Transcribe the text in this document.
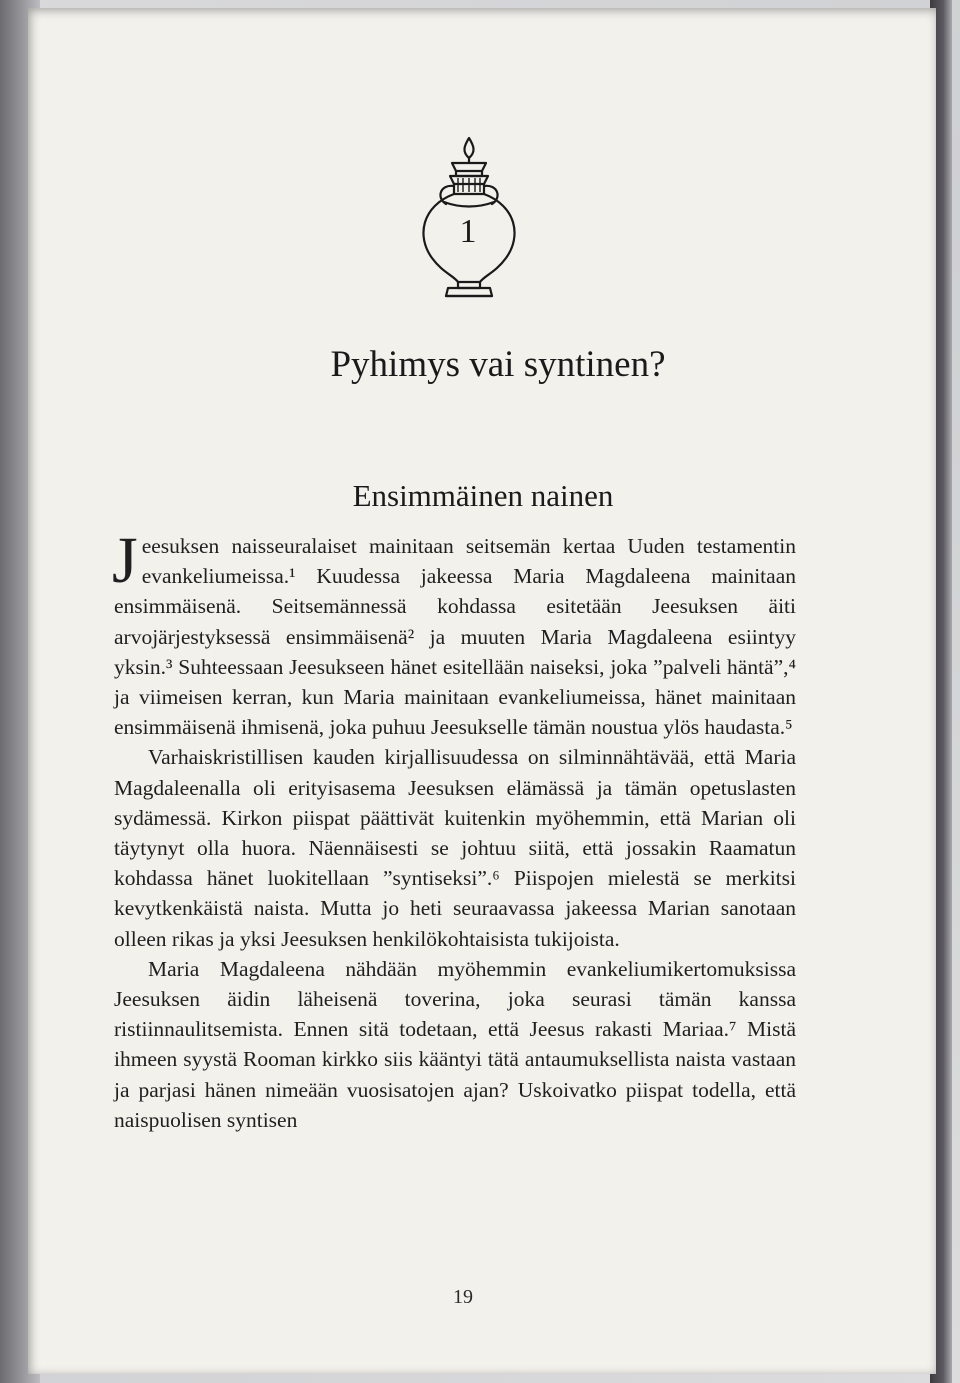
1
Pyhimys vai syntinen?
Ensimmäinen nainen

Jeesuksen naisseuralaiset mainitaan seitsemän kertaa Uuden testamentin evankeliumeissa.¹ Kuudessa jakeessa Maria Magdaleena mainitaan ensimmäisenä. Seitsemännessä kohdassa esitetään Jeesuksen äiti arvojärjestyksessä ensimmäisenä² ja muuten Maria Magdaleena esiintyy yksin.³ Suhteessaan Jeesukseen hänet esitellään naiseksi, joka ”palveli häntä”,⁴ ja viimeisen kerran, kun Maria mainitaan evankeliumeissa, hänet mainitaan ensimmäisenä ihmisenä, joka puhuu Jeesukselle tämän noustua ylös haudasta.⁵

Varhaiskristillisen kauden kirjallisuudessa on silminnähtävää, että Maria Magdaleenalla oli erityisasema Jeesuksen elämässä ja tämän opetuslasten sydämessä. Kirkon piispat päättivät kuitenkin myöhemmin, että Marian oli täytynyt olla huora. Näennäisesti se johtuu siitä, että jossakin Raamatun kohdassa hänet luokitellaan ”syntiseksi”.⁶ Piispojen mielestä se merkitsi kevytkenkäistä naista. Mutta jo heti seuraavassa jakeessa Marian sanotaan olleen rikas ja yksi Jeesuksen henkilökohtaisista tukijoista.

Maria Magdaleena nähdään myöhemmin evankeliumikertomuksissa Jeesuksen äidin läheisenä toverina, joka seurasi tämän kanssa ristiinnaulitsemista. Ennen sitä todetaan, että Jeesus rakasti Mariaa.⁷ Mistä ihmeen syystä Rooman kirkko siis kääntyi tätä antaumuksellista naista vastaan ja parjasi hänen nimeään vuosisatojen ajan? Uskoivatko piispat todella, että naispuolisen syntisen

19
